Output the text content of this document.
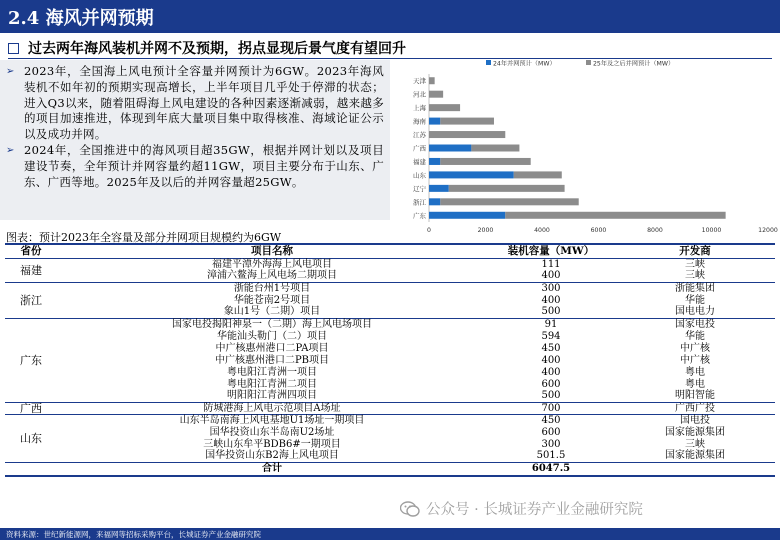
2.4 海风并网预期
过去两年海风装机并网不及预期，拐点显现后景气度有望回升
➢ 2023年，全国海上风电预计全容量并网预计为6GW。2023年海风装机不如年初的预期实现高增长，上半年项目几乎处于停滞的状态；进入Q3以来，随着阻碍海上风电建设的各种因素逐渐减弱，越来越多的项目加速推进，体现到年底大量项目集中取得核准、海域论证公示以及成功并网。
➢ 2024年，全国推进中的海风项目超35GW，根据并网计划以及项目建设节奏，全年预计并网容量约超11GW，项目主要分布于山东、广东、广西等地。2025年及以后的并网容量超25GW。
24年并网预计（MW）	25年及之后并网预计（MW）
天津
河北
上海
海南
江苏
广西
福建
山东
辽宁
浙江
广东
0	2000	4000	6000	8000	10000	12000
图表：预计2023年全容量及部分并网项目规模约为6GW
省份	项目名称	装机容量（MW）	开发商
福建	福建平潭外海海上风电项目	111	三峡
	漳浦六鳌海上风电场二期项目	400	三峡
浙江	浙能台州1号项目	300	浙能集团
	华能苍南2号项目	400	华能
	象山1号（二期）项目	500	国电电力
广东	国家电投揭阳神泉一（二期）海上风电场项目	91	国家电投
	华能汕头勒门（二）项目	594	华能
	中广核惠州港口二PA项目	450	中广核
	中广核惠州港口二PB项目	400	中广核
	粤电阳江青洲一项目	400	粤电
	粤电阳江青洲二项目	600	粤电
	明阳阳江青洲四项目	500	明阳智能
广西	防城港海上风电示范项目A场址	700	广西广投
山东	山东半岛南海上风电基地U1场址一期项目	450	国电投
	国华投资山东半岛南U2场址	600	国家能源集团
	三峡山东牟平BDB6#一期项目	300	三峡
	国华投资山东B2海上风电项目	501.5	国家能源集团
	合计	6047.5	
公众号 · 长城证券产业金融研究院
资料来源：世纪新能源网，来福网等招标采购平台，长城证券产业金融研究院
